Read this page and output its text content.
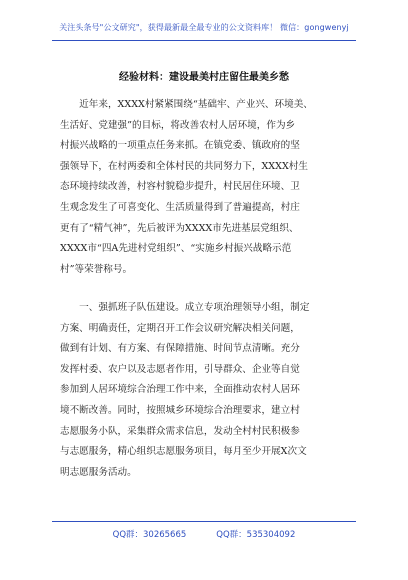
关注头条号"公文研究"，获得最新最全最专业的公文资料库！ 微信：gongwenyj
经验材料：建设最美村庄留住最美乡愁
　　近年来，XXXX村紧紧围绕“基础牢、产业兴、环境美、
生活好、党建强”的目标，将改善农村人居环境，作为乡
村振兴战略的一项重点任务来抓。在镇党委、镇政府的坚
强领导下，在村两委和全体村民的共同努力下，XXXX村生
态环境持续改善，村容村貌稳步提升，村民居住环境、卫
生观念发生了可喜变化、生活质量得到了普遍提高，村庄
更有了“精气神”，先后被评为XXXX市先进基层党组织、
XXXX市“四A先进村党组织”、“实施乡村振兴战略示范
村”等荣誉称号。
　　一、强抓班子队伍建设。成立专项治理领导小组，制定
方案、明确责任，定期召开工作会议研究解决相关问题，
做到有计划、有方案、有保障措施、时间节点清晰。充分
发挥村委、农户以及志愿者作用，引导群众、企业等自觉
参加到人居环境综合治理工作中来，全面推动农村人居环
境不断改善。同时，按照城乡环境综合治理要求，建立村
志愿服务小队，采集群众需求信息，发动全村村民积极参
与志愿服务，精心组织志愿服务项目，每月至少开展X次文
明志愿服务活动。
QQ群：30265665	QQ群：535304092
